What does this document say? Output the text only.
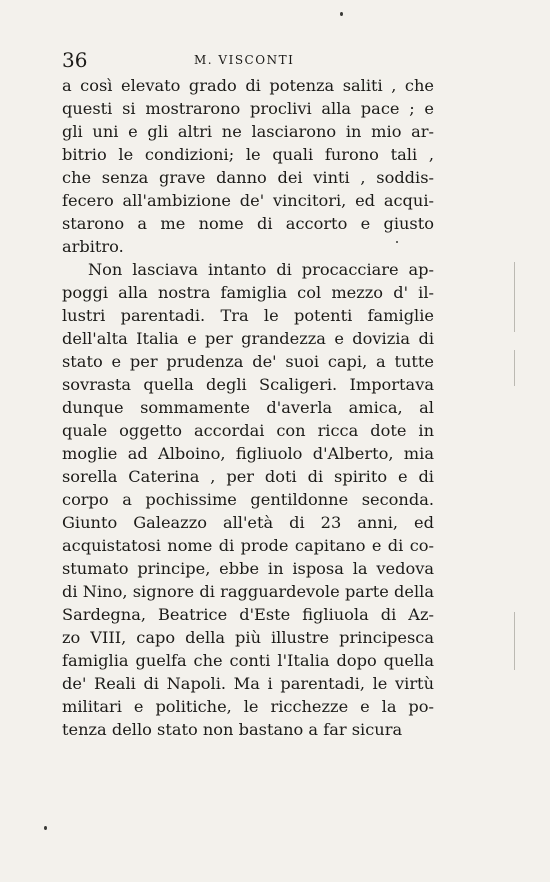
36	M. VISCONTI
a così elevato grado di potenza saliti , che
questi si mostrarono proclivi alla pace ; e
gli uni e gli altri ne lasciarono in mio ar-
bitrio le condizioni; le quali furono tali ,
che senza grave danno dei vinti , soddis-
fecero all'ambizione de' vincitori, ed acqui-
starono a me nome di accorto e giusto
arbitro.
Non lasciava intanto di procacciare ap-
poggi alla nostra famiglia col mezzo d' il-
lustri parentadi. Tra le potenti famiglie
dell'alta Italia e per grandezza e dovizia di
stato e per prudenza de' suoi capi, a tutte
sovrasta quella degli Scaligeri. Importava
dunque sommamente d'averla amica, al
quale oggetto accordai con ricca dote in
moglie ad Alboino, figliuolo d'Alberto, mia
sorella Caterina , per doti di spirito e di
corpo a pochissime gentildonne seconda.
Giunto Galeazzo all'età di 23 anni, ed
acquistatosi nome di prode capitano e di co-
stumato principe, ebbe in isposa la vedova
di Nino, signore di ragguardevole parte della
Sardegna, Beatrice d'Este figliuola di Az-
zo VIII, capo della più illustre principesca
famiglia guelfa che conti l'Italia dopo quella
de' Reali di Napoli. Ma i parentadi, le virtù
militari e politiche, le ricchezze e la po-
tenza dello stato non bastano a far sicura
